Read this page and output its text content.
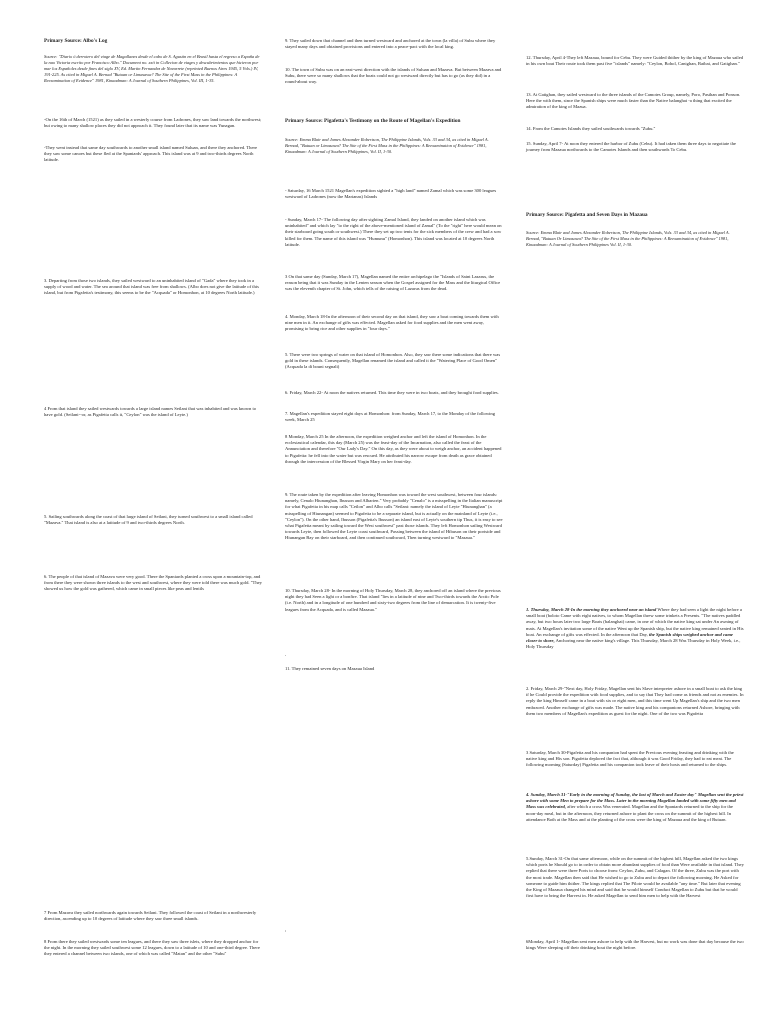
Primary Source: Albo's Log

Source: "Diario ó derrotero del viage de Magallanes desde el cabo de S. Agustin en el Brasil hasta el regreso a España de la nao Victoria escrito por Francisco Albo." Document no. xxii in Collecion de viages y descubrimientos que hicieron por mar los Españoles desde fines del siglo XV, Ed. Martin Fernandez de Navarrete (reprinted Buenos Aires 1945, 5 Vols.) IV, 191-225. As cited in Miguel A. Bernad "Butuan or Limasawa? The Site of the First Mass in the Philippines: A Reexamination of Evidence" 1981, Kinaadman: A Journal of Southern Philippines, Vol. III, 1-35.

-On the 16th of March (1521) as they sailed in a westerly course from Ladrones, they saw land towards the northwest; but owing to many shallow places they did not approach it. They found later that its name was Yunagan.

-They went instead that same day southwards to another small island named Suluan, and there they anchored. There they saw some canoes but these fled at the Spaniards' approach. This island was at 9 and two-thirds degrees North latitude.

3. Departing from those two islands, they sailed westward to an uninhabited island of "Gada" where they took in a supply of wood and water. The sea around that island was free from shallows. (Albo does not give the latitude of this island, but from Pigafetta's testimony, this seems to be the "Acquada" or Homonhon, at 10 degrees North latitude.)

4 From that island they sailed westwards towards a large island names Seilani that was inhabited and was known to have gold. (Seilani--or, as Pigafetta calls it, "Ceylon" was the island of Leyte.)

5. Sailing southwards along the coast of that large island of Seilani, they turned southwest to a small island called "Mazava." That island is also at a latitude of 9 and two-thirds degrees North.

6. The people of that island of Mazava were very good. There the Spaniards planted a cross upon a mountain-top, and from there they were shown three islands to the west and southwest, where they were told there was much gold. "They showed us how the gold was gathered, which came in small pieces like peas and lentils

7 From Mazava they sailed northwards again towards Seilani. They followed the coast of Seilani in a northwesterly direction, ascending up to 10 degrees of latitude where they saw three small islands.

8 From there they sailed westwards some ten leagues, and there they saw three islets, where they dropped anchor for the night. In the morning they sailed southwest some 12 leagues, down to a latitude of 10 and one-third degree. There they entered a channel between two islands, one of which was called "Matan" and the other "Subu"

9. They sailed down that channel and then turned westward and anchored at the town (la villa) of Subu where they stayed many days and obtained provisions and entered into a peace-pact with the local king.

10. The town of Subu was on an east-west direction with the islands of Suluan and Mazava. But between Mazava and Subu, there were so many shallows that the boats could not go westward directly but has to go (as they did) in a round-about way.

Primary Source: Pigafetta's Testimony on the Route of Magellan's Expedition

Source: Emma Blair and James Alexander Robertson, The Philippine Islands, Vols. 33 and 34, as cited in Miguel A. Bernad, "Butuan or Limasawa? The Site of the First Mass in the Philippines: A Reexamination of Evidence" 1981, Kinaadman: A Journal of Southern Philippines, Vol. II, 1-30.

- Saturday, 16 March 1521 Magellan's expedition sighted a "high land" named Zamal which was some 300 leagues westward of Ladrones (now the Marianas) Islands

- Sunday, March 17- The following day after sighting Zamal Island, they landed on another island which was uninhabited" and which lay "to the right of the above-mentioned island of Zamal" (To the "right" here would mean on their starboard going south or southwest.) There they set up two tents for the sick members of the crew and had a sow killed for them. The name of this island was "Humunu" (Homonhon). This island was located at 10 degrees North latitude.

3 On that same day (Sunday, March 17), Magellan named the entire archipelago the "Islands of Saint Lazarus, the reason being that it was Sunday in the Lenten season when the Gospel assigned for the Mass and the liturgical Office was the eleventh chapter of St. John, which tells of the raising of Lazarus from the dead.

4. Monday, March 18-In the afternoon of their second day on that island, they saw a boat coming towards them with nine men in it. An exchange of gifts was effected. Magellan asked for food supplies and the men went away, promising to bring rice and other supplies in "four days."

5. There were two springs of water on that island of Homonhon. Also, they saw there some indications that there was gold in these islands. Consequently, Magellan renamed the island and called it the "Watering Place of Good Omen" (Acquada la di bouni segnali)

6. Friday, March 22- At noon the natives returned. This time they were in two boats, and they brought food supplies.

7. Magellan's expedition stayed eight days at Homonhon: from Sunday, March 17, to the Monday of the following week, March 25

8 Monday, March 25 In the afternoon, the expedition weighed anchor and left the island of Homonhon. In the ecclesiastical calendar, this day (March 25) was the feast-day of the Incarnation, also called the feast of the Annunciation and therefore "Our Lady's Day." On this day, as they were about to weigh anchor, an accident happened to Pigafetta: he fell into the water but was rescued. He attributed his narrow escape from death as grace obtained through the intercession of the Blessed Virgin Mary on her feast-day.

9. The route taken by the expedition after leaving Homonhon was toward the west southwest, between four islands: namely, Cenalo Hiunanghan, Ibusson and Albarien." Very probably "Cenalo" is a misspelling in the Italian manuscript for what Pigafetta in his map calls "Ceilon" and Albo calls "Seilani: namely the island of Leyte "Hiunanghan" (a misspelling of Hiunangan) seemed to Pigafetta to be a separate island, but is actually on the mainland of Leyte (i.e., "Ceylon"). On the other hand, Ibusson (Pigafetta's Ibusson) an island east of Leyte's southern tip Thus, it is easy to see what Pigafetta meant by sailing toward the West southwest" past those islands. They left Homonhon sailing Westward towards Leyte, then followed the Leyte coast southward, Passing between the island of Hibuson on their portside and Hiunangan Bay on their starboard, and then continued southward, Then turning westward to "Mazaua."

10. Thursday, March 28- In the morning of Holy Thursday, March 28, they anchored off an island where the previous night they had Seen a light or a bonfire. That island "lies in a latitude of nine and Two-thirds towards the Arctic Pole (i.e. North) and in a longitude of one hundred and sixty-two degrees from the line of demarcation. It is twenty-five leagues from the Acquada, and is called Mazaua."

.

11. They remained seven days on Mazaua Island

,

12. Thursday, April 4-They left Mazaua, bound for Cebu. They were Guided thither by the king of Mazaua who sailed in his own boat Their route took them past five "islands" namely: "Ceylon, Bohol, Canighan, Baibai, and Gatighan."

13. At Gatighan, they sailed westward to the three islands of the Camotes Group, namely, Poro, Pasihan and Ponson. Here the with them, since the Spanish ships were much faster than the Native balanghai -a thing that excited the admiration of the king of Mazua.

14. From the Camotes Islands they sailed southwards towards "Zubu."

15. Sunday, April 7- At noon they entered the harbor of Zubu (Cebu). It had taken them three days to negotiate the journey from Mazaua northwards to the Camotes Islands and then southwards To Cebu.

Primary Source: Pigafetta and Seven Days in Mazaua

Source: Emma Blair and James Alexander Robertson, The Philippine Islands, Vols. 33 and 34, as cited in Miguel A. Bernad, "Butuan Or Limasawa? The Site of the First Mass in the Philippines: A Reexamination of Evidence" 1981, Kinaadman: A Journal of Southern Philippines Vol. II, 1-30.

1. Thursday, March 28-In the morning they anchored near an island Where they had seen a light the night before a small boat (boloto Came with eight natives, to whom Magellan threw some trinkets a Presents. "The natives paddled away, but two hours later two large Boats (balanghai) came, in one of which the native king sat under An awning of mats. At Magellan's invitation some of the native Went up the Spanish ship, but the native king remained seated in His boat. An exchange of gifts was effected. In the afternoon that Day, the Spanish ships weighed anchor and came closer to shore, Anchoring near the native king's village. This Thursday, March 28 Was Thursday in Holy Week, i.e., Holy Thursday

2. Friday, March 29-"Next day, Holy Friday, Magellan sent his Slave interpreter ashore in a small boat to ask the king if he Could provide the expedition with food supplies, and to say that They had come as friends and not as enemies. In reply the king Himself came in a boat with six or eight men, and this time went Up Magellan's ship and the two men embraced. Another exchange of gifts was made. The native king and his companions returned Ashore, bringing with them two members of Magellan's expedition as guest for the night. One of the two was Pigafetta

3 Saturday, March 30-Pigafetta and his companion had spent the Previous evening feasting and drinking with the native king and His son. Pigafetta deplored the fact that, although it was Good Friday, they had to eat meat. The following morning (Saturday) Pigafetta and his companion took leave of their hosts and returned to the ships.

4. Sunday, March 31-"Early in the morning of Sunday, the last of March and Easter day" Magellan sent the priest ashore with some Men to prepare for the Mass. Later in the morning Magellan landed with some fifty men and Mass was celebrated, after which a cross Was venerated. Magellan and the Spaniards returned to the ship for the noon-day meal, but in the afternoon, they returned ashore to plant the cross on the summit of the highest hill. In attendance Both at the Mass and at the planting of the cross were the king of Mazaua and the king of Butuan.

5.Sunday, March 31-On that same afternoon, while on the summit of the highest hill, Magellan asked the two kings which ports he Should go to in order to obtain more abundant supplies of food than Were available in that island. They replied that there were three Ports to choose from: Ceylon, Zubu, and Calagan. Of the three, Zubu was the port with the most trade. Magellan then said that He wished to go to Zubu and to depart the following morning. He Asked for someone to guide him thither. The kings replied that The Pilote would be available "any time." But later that evening the King of Mazaua changed his mind and said that he would himself Conduct Magellan to Zubu but that he would first have to bring the Harvest in. He asked Magellan to send him men to help with the Harvest

6Monday, April 1- Magellan sent men ashore to help with the Harvest, but no work was done that day because the two kings Were sleeping off their drinking bout the night before.
